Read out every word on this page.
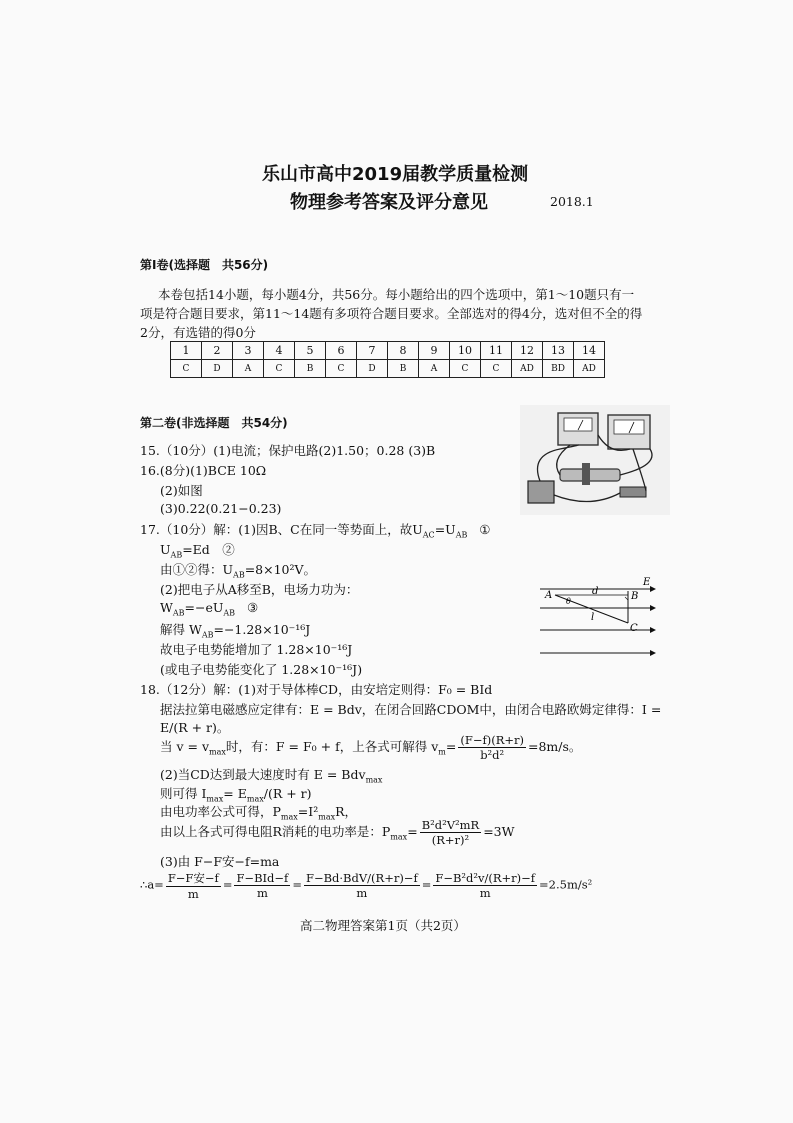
乐山市高中2019届教学质量检测
物理参考答案及评分意见	2018.1
第Ⅰ卷(选择题　共56分)
本卷包括14小题，每小题4分，共56分。每小题给出的四个选项中，第1～10题只有一
项是符合题目要求，第11～14题有多项符合题目要求。全部选对的得4分，选对但不全的得
2分，有选错的得0分
1	2	3	4	5	6	7	8	9	10	11	12	13	14
C	D	A	C	B	C	D	B	A	C	C	AD	BD	AD
第二卷(非选择题　共54分)
15.（10分）(1)电流；保护电路(2)1.50；0.28 (3)B
16.(8分)(1)BCE 10Ω
(2)如图
(3)0.22(0.21−0.23)
17.（10分）解：(1)因B、C在同一等势面上，故$U_{AC}=U_{AB}$ ①
$U_{AB}=Ed$　②
由①②得：$U_{AB}=8\times 10^2V$。
(2)把电子从A移至B，电场力功为：
$W_{AB}=-eU_{AB}$ ③
解得 $W_{AB}=-1.28\times 10^{-16}J$
故电子电势能增加了 1.28×10⁻¹⁶J
(或电子电势能变化了 1.28×10⁻¹⁶J)
E
A	d	B
θ
l
C
18.（12分）解：(1)对于导体棒CD，由安培定则得：F₀ = BId
据法拉第电磁感应定律有：E = Bdv，在闭合回路CDOM中，由闭合电路欧姆定律得：I =
E/(R + r)。
当 $v = v_{max}$时，有：F = F₀ + f，上各式可解得 $v_m= \frac{(F-f)(R+r)}{\text{b²d²}} =8m/s$。
(2)当CD达到最大速度时有 E = Bdv$_{max}$
则可得 $I_{max}= E_{max}/(R + r)$
由电功率公式可得，$P_{max}=I^2_{max}R$，
由以上各式可得电阻R消耗的电功率是：$P_{max}= \frac{\text{B²d²V²mR}}{\text{(R+r)²}} =3W$
(3)由 F−F安−f=ma
∴a= $\frac{\text{F−F安−f}}{m} = \frac{\text{F−BId−f}}{m} = \frac{\text{F−Bd·BdV/(R+r)−f}}{m} = \frac{\text{F−B²d²v/(R+r)−f}}{m} =2.5m/s^2$
高二物理答案第1页（共2页）
